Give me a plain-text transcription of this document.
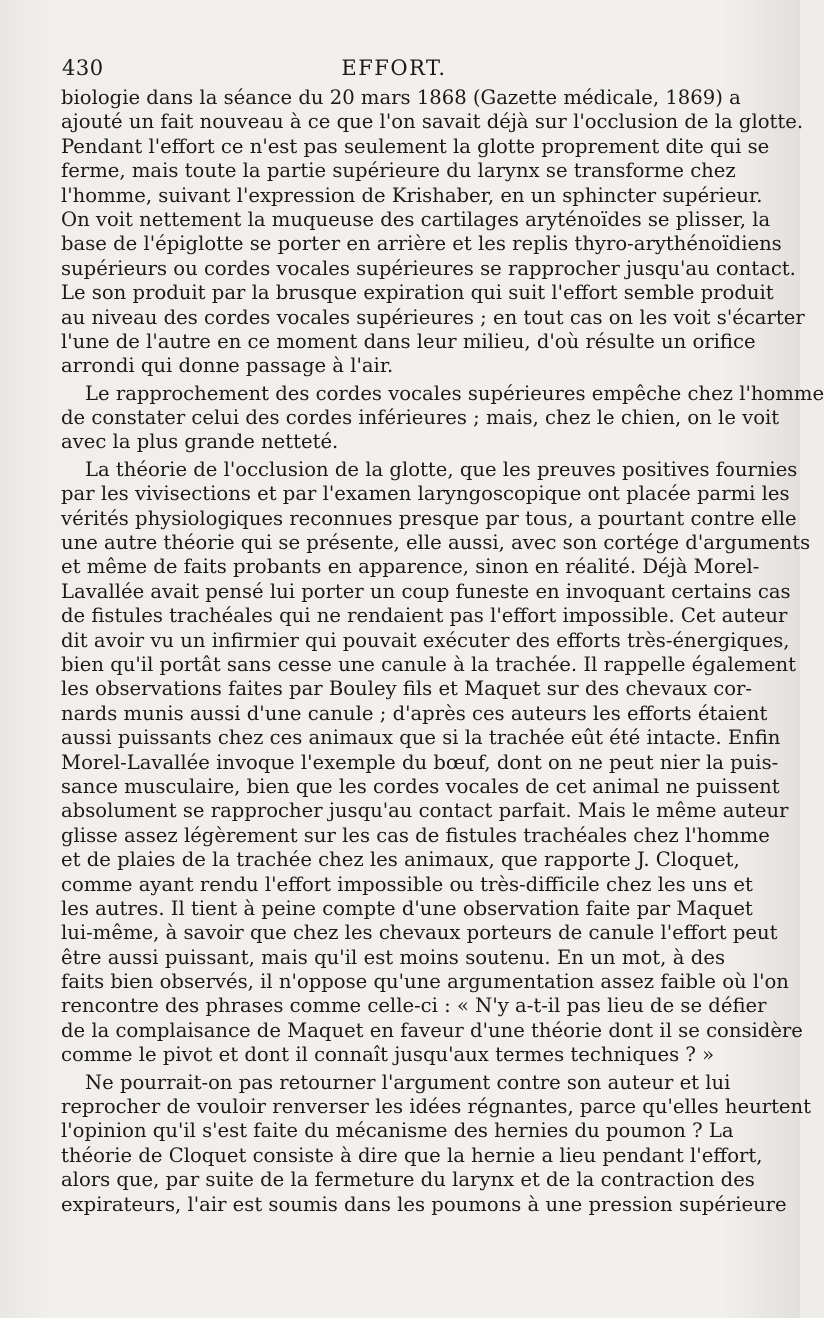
430	EFFORT.
biologie dans la séance du 20 mars 1868 (Gazette médicale, 1869) a
ajouté un fait nouveau à ce que l'on savait déjà sur l'occlusion de la glotte.
Pendant l'effort ce n'est pas seulement la glotte proprement dite qui se
ferme, mais toute la partie supérieure du larynx se transforme chez
l'homme, suivant l'expression de Krishaber, en un sphincter supérieur.
On voit nettement la muqueuse des cartilages aryténoïdes se plisser, la
base de l'épiglotte se porter en arrière et les replis thyro-arythénoïdiens
supérieurs ou cordes vocales supérieures se rapprocher jusqu'au contact.
Le son produit par la brusque expiration qui suit l'effort semble produit
au niveau des cordes vocales supérieures ; en tout cas on les voit s'écarter
l'une de l'autre en ce moment dans leur milieu, d'où résulte un orifice
arrondi qui donne passage à l'air.
Le rapprochement des cordes vocales supérieures empêche chez l'homme
de constater celui des cordes inférieures ; mais, chez le chien, on le voit
avec la plus grande netteté.
La théorie de l'occlusion de la glotte, que les preuves positives fournies
par les vivisections et par l'examen laryngoscopique ont placée parmi les
vérités physiologiques reconnues presque par tous, a pourtant contre elle
une autre théorie qui se présente, elle aussi, avec son cortége d'arguments
et même de faits probants en apparence, sinon en réalité. Déjà Morel-
Lavallée avait pensé lui porter un coup funeste en invoquant certains cas
de fistules trachéales qui ne rendaient pas l'effort impossible. Cet auteur
dit avoir vu un infirmier qui pouvait exécuter des efforts très-énergiques,
bien qu'il portât sans cesse une canule à la trachée. Il rappelle également
les observations faites par Bouley fils et Maquet sur des chevaux cor-
nards munis aussi d'une canule ; d'après ces auteurs les efforts étaient
aussi puissants chez ces animaux que si la trachée eût été intacte. Enfin
Morel-Lavallée invoque l'exemple du bœuf, dont on ne peut nier la puis-
sance musculaire, bien que les cordes vocales de cet animal ne puissent
absolument se rapprocher jusqu'au contact parfait. Mais le même auteur
glisse assez légèrement sur les cas de fistules trachéales chez l'homme
et de plaies de la trachée chez les animaux, que rapporte J. Cloquet,
comme ayant rendu l'effort impossible ou très-difficile chez les uns et
les autres. Il tient à peine compte d'une observation faite par Maquet
lui-même, à savoir que chez les chevaux porteurs de canule l'effort peut
être aussi puissant, mais qu'il est moins soutenu. En un mot, à des
faits bien observés, il n'oppose qu'une argumentation assez faible où l'on
rencontre des phrases comme celle-ci : « N'y a-t-il pas lieu de se défier
de la complaisance de Maquet en faveur d'une théorie dont il se considère
comme le pivot et dont il connaît jusqu'aux termes techniques ? »
Ne pourrait-on pas retourner l'argument contre son auteur et lui
reprocher de vouloir renverser les idées régnantes, parce qu'elles heurtent
l'opinion qu'il s'est faite du mécanisme des hernies du poumon ? La
théorie de Cloquet consiste à dire que la hernie a lieu pendant l'effort,
alors que, par suite de la fermeture du larynx et de la contraction des
expirateurs, l'air est soumis dans les poumons à une pression supérieure
